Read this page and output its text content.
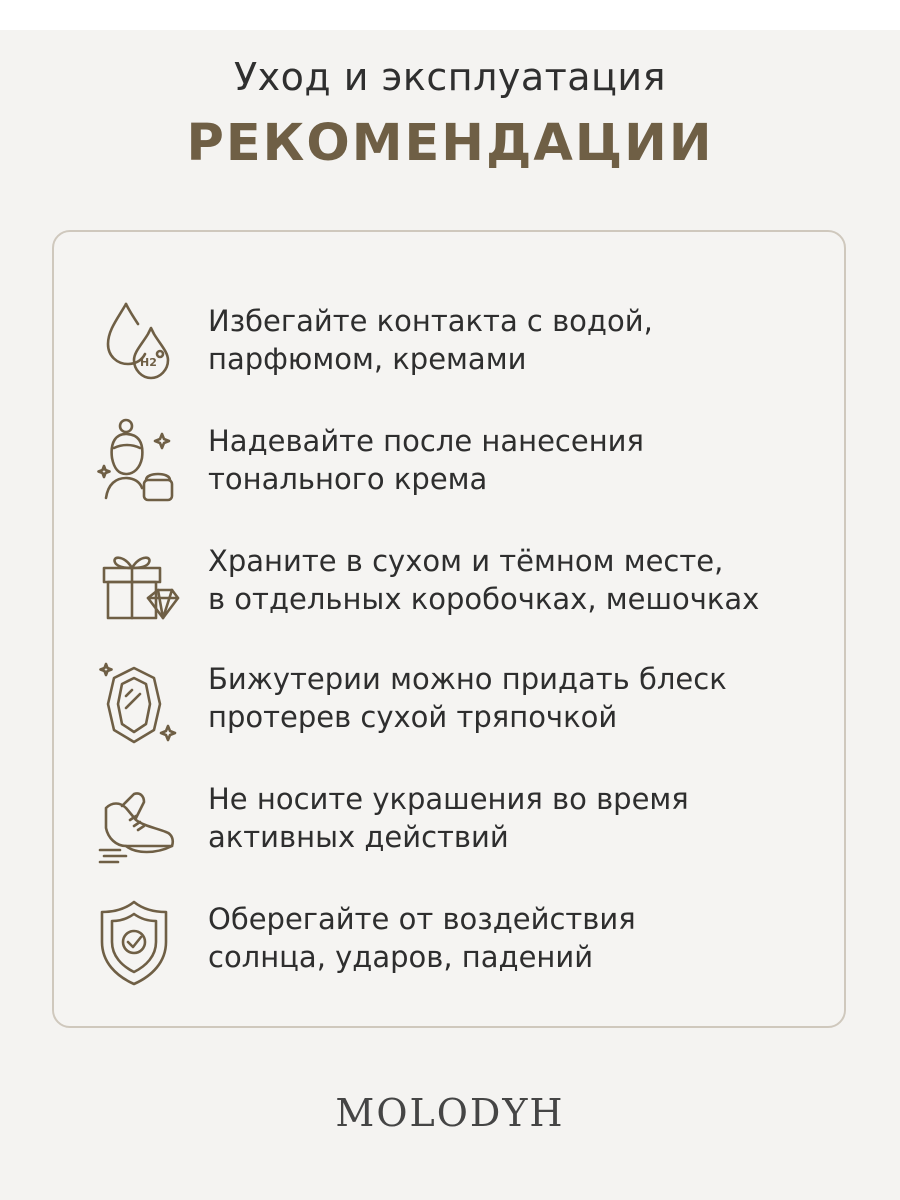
Уход и эксплуатация
РЕКОМЕНДАЦИИ
H2
Избегайте контакта с водой,
парфюмом, кремами
Надевайте после нанесения
тонального крема
Храните в сухом и тёмном месте,
в отдельных коробочках, мешочках
Бижутерии можно придать блеск
протерев сухой тряпочкой
Не носите украшения во время
активных действий
Оберегайте от воздействия
солнца, ударов, падений
MOLODYH
